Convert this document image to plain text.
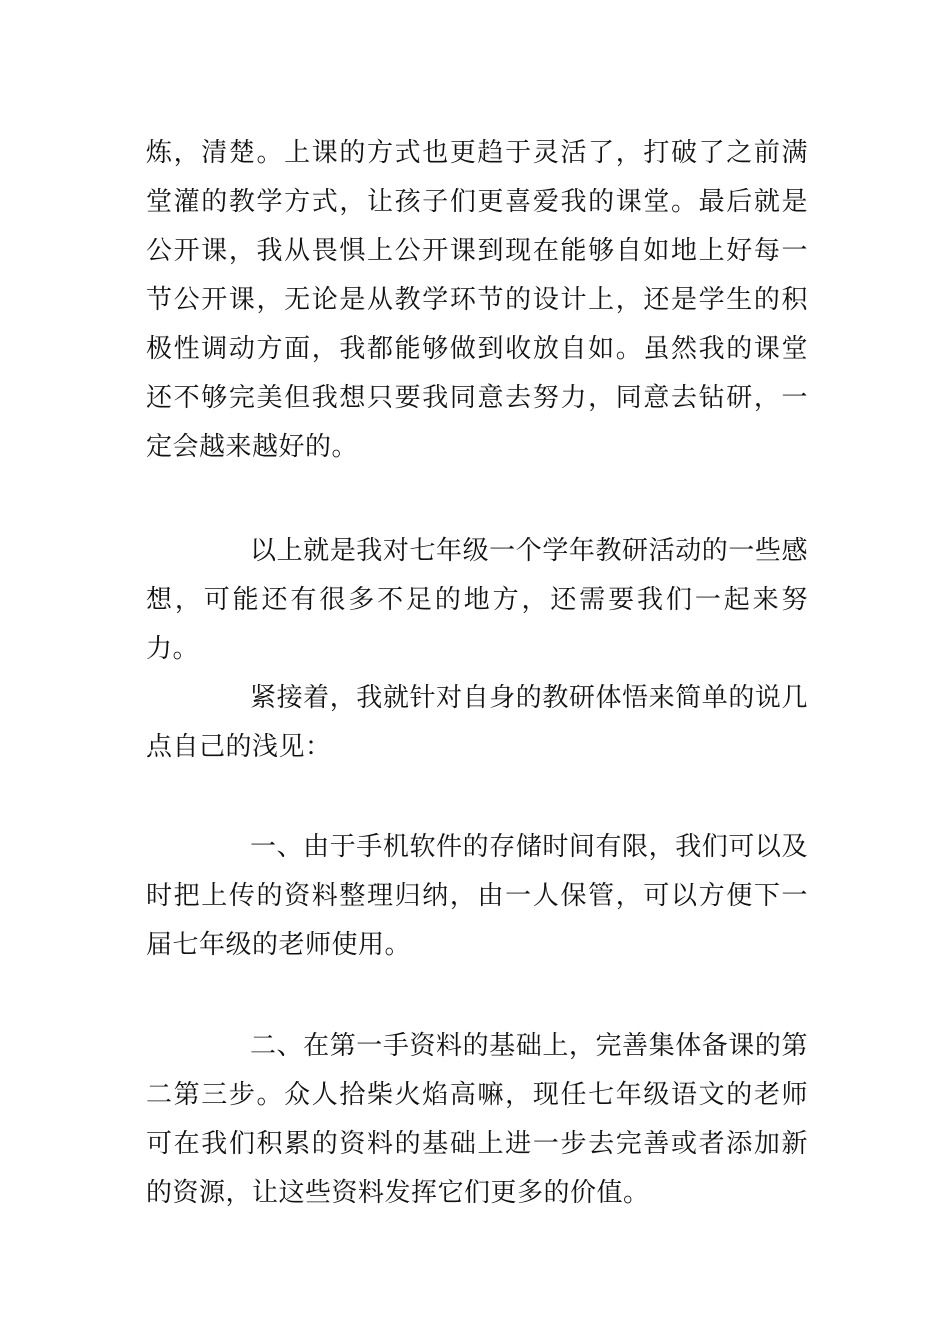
炼，清楚。上课的方式也更趋于灵活了，打破了之前满堂灌的教学方式，让孩子们更喜爱我的课堂。最后就是公开课，我从畏惧上公开课到现在能够自如地上好每一节公开课，无论是从教学环节的设计上，还是学生的积极性调动方面，我都能够做到收放自如。虽然我的课堂还不够完美但我想只要我同意去努力，同意去钻研，一定会越来越好的。

以上就是我对七年级一个学年教研活动的一些感想，可能还有很多不足的地方，还需要我们一起来努力。

紧接着，我就针对自身的教研体悟来简单的说几点自己的浅见：

一、由于手机软件的存储时间有限，我们可以及时把上传的资料整理归纳，由一人保管，可以方便下一届七年级的老师使用。

二、在第一手资料的基础上，完善集体备课的第二第三步。众人拾柴火焰高嘛，现任七年级语文的老师可在我们积累的资料的基础上进一步去完善或者添加新的资源，让这些资料发挥它们更多的价值。
